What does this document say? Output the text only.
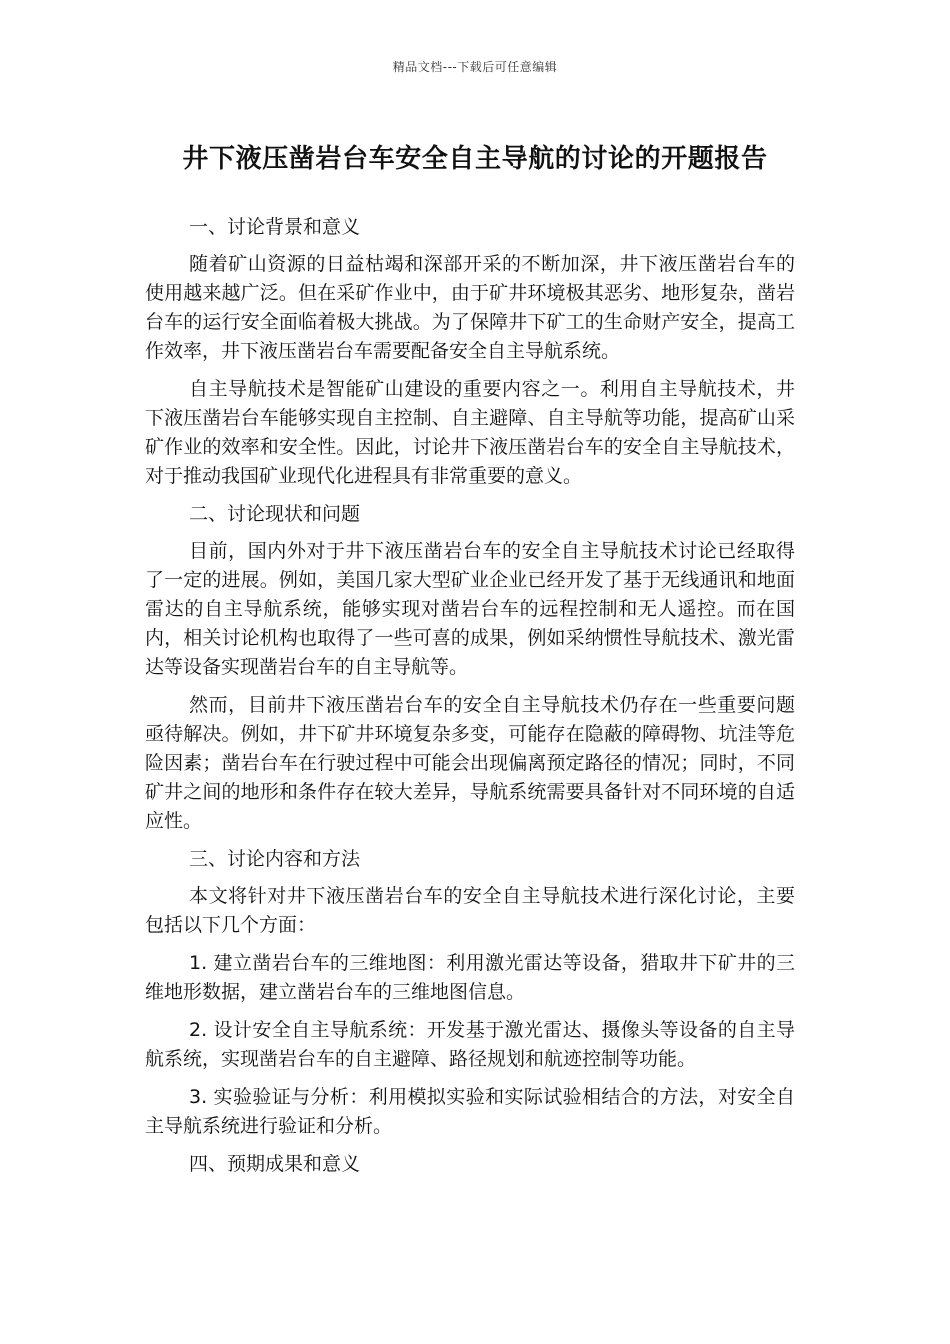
精品文档---下载后可任意编辑
井下液压凿岩台车安全自主导航的讨论的开题报告

一、讨论背景和意义

随着矿山资源的日益枯竭和深部开采的不断加深，井下液压凿岩台车的使用越来越广泛。但在采矿作业中，由于矿井环境极其恶劣、地形复杂，凿岩台车的运行安全面临着极大挑战。为了保障井下矿工的生命财产安全，提高工作效率，井下液压凿岩台车需要配备安全自主导航系统。

自主导航技术是智能矿山建设的重要内容之一。利用自主导航技术，井下液压凿岩台车能够实现自主控制、自主避障、自主导航等功能，提高矿山采矿作业的效率和安全性。因此，讨论井下液压凿岩台车的安全自主导航技术，对于推动我国矿业现代化进程具有非常重要的意义。

二、讨论现状和问题

目前，国内外对于井下液压凿岩台车的安全自主导航技术讨论已经取得了一定的进展。例如，美国几家大型矿业企业已经开发了基于无线通讯和地面雷达的自主导航系统，能够实现对凿岩台车的远程控制和无人遥控。而在国内，相关讨论机构也取得了一些可喜的成果，例如采纳惯性导航技术、激光雷达等设备实现凿岩台车的自主导航等。

然而，目前井下液压凿岩台车的安全自主导航技术仍存在一些重要问题亟待解决。例如，井下矿井环境复杂多变，可能存在隐蔽的障碍物、坑洼等危险因素；凿岩台车在行驶过程中可能会出现偏离预定路径的情况；同时，不同矿井之间的地形和条件存在较大差异，导航系统需要具备针对不同环境的自适应性。

三、讨论内容和方法

本文将针对井下液压凿岩台车的安全自主导航技术进行深化讨论，主要包括以下几个方面：

1. 建立凿岩台车的三维地图：利用激光雷达等设备，猎取井下矿井的三维地形数据，建立凿岩台车的三维地图信息。

2. 设计安全自主导航系统：开发基于激光雷达、摄像头等设备的自主导航系统，实现凿岩台车的自主避障、路径规划和航迹控制等功能。

3. 实验验证与分析：利用模拟实验和实际试验相结合的方法，对安全自主导航系统进行验证和分析。

四、预期成果和意义
